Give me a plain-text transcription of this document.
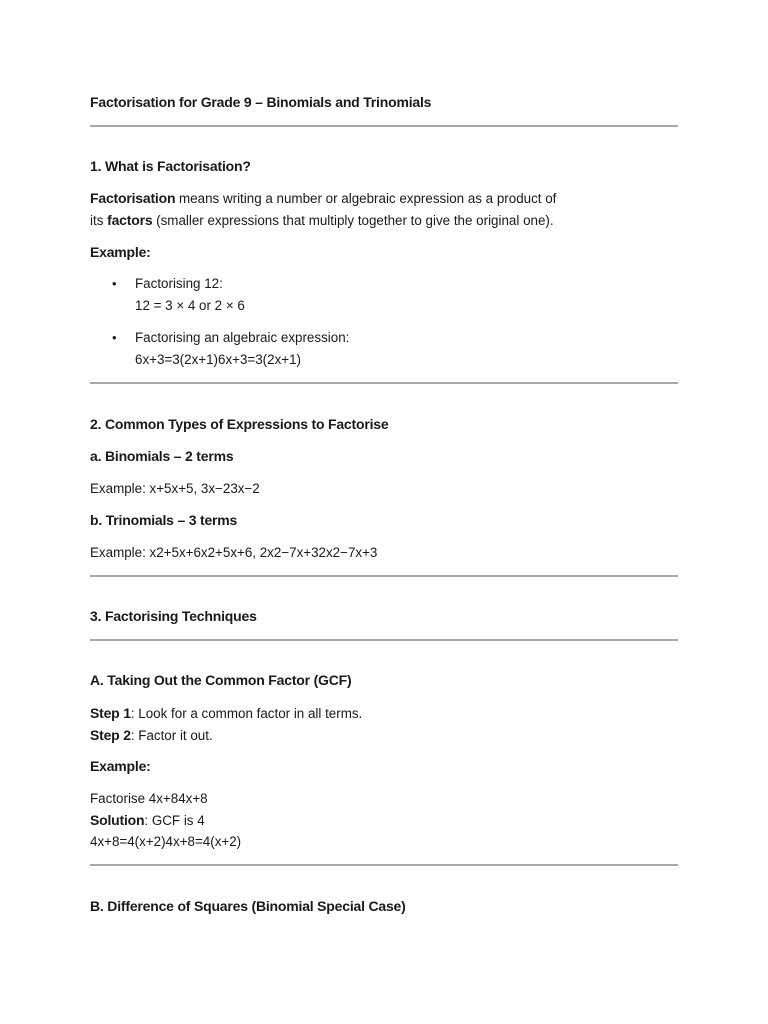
Factorisation for Grade 9 – Binomials and Trinomials
1. What is Factorisation?

Factorisation means writing a number or algebraic expression as a product of

its factors (smaller expressions that multiply together to give the original one).

Example:
• Factorising 12:
12 = 3 × 4 or 2 × 6
• Factorising an algebraic expression:
6x+3=3(2x+1)6x+3=3(2x+1)
2. Common Types of Expressions to Factorise
a. Binomials – 2 terms

Example: x+5x+5, 3x−23x−2

b. Trinomials – 3 terms

Example: x2+5x+6x2+5x+6, 2x2−7x+32x2−7x+3

3. Factorising Techniques
A. Taking Out the Common Factor (GCF)

Step 1: Look for a common factor in all terms.

Step 2: Factor it out.

Example:

Factorise 4x+84x+8

Solution: GCF is 4

4x+8=4(x+2)4x+8=4(x+2)

B. Difference of Squares (Binomial Special Case)
